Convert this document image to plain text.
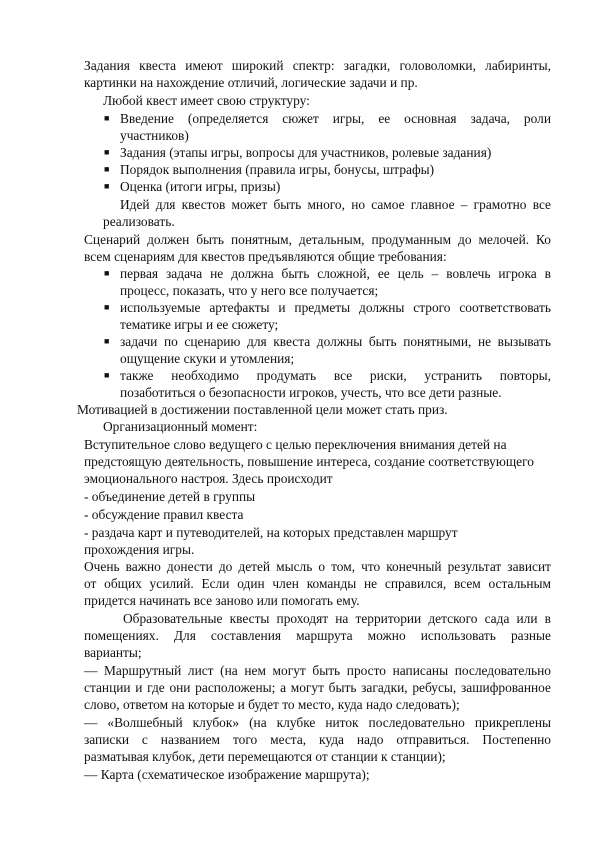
Задания квеста имеют широкий спектр: загадки, головоломки, лабиринты,
картинки на нахождение отличий, логические задачи и пр.
Любой квест имеет свою структуру:
■ Введение (определяется сюжет игры, ее основная задача, роли
участников)
■ Задания (этапы игры, вопросы для участников, ролевые задания)
■ Порядок выполнения (правила игры, бонусы, штрафы)
■ Оценка (итоги игры, призы)
Идей для квестов может быть много, но самое главное – грамотно все
реализовать.
Сценарий должен быть понятным, детальным, продуманным до мелочей. Ко
всем сценариям для квестов предъявляются общие требования:
■ первая задача не должна быть сложной, ее цель – вовлечь игрока в
процесс, показать, что у него все получается;
■ используемые артефакты и предметы должны строго соответствовать
тематике игры и ее сюжету;
■ задачи по сценарию для квеста должны быть понятными, не вызывать
ощущение скуки и утомления;
■ также необходимо продумать все риски, устранить повторы,
позаботиться о безопасности игроков, учесть, что все дети разные.
Мотивацией в достижении поставленной цели может стать приз.
Организационный момент:
Вступительное слово ведущего с целью переключения внимания детей на
предстоящую деятельность, повышение интереса, создание соответствующего
эмоционального настроя. Здесь происходит
- объединение детей в группы
- обсуждение правил квеста
- раздача карт и путеводителей, на которых представлен маршрут
прохождения игры.
Очень важно донести до детей мысль о том, что конечный результат зависит
от общих усилий. Если один член команды не справился, всем остальным
придется начинать все заново или помогать ему.
Образовательные квесты проходят на территории детского сада или в
помещениях. Для составления маршрута можно использовать разные
варианты;
— Маршрутный лист (на нем могут быть просто написаны последовательно
станции и где они расположены; а могут быть загадки, ребусы, зашифрованное
слово, ответом на которые и будет то место, куда надо следовать);
— «Волшебный клубок» (на клубке ниток последовательно прикреплены
записки с названием того места, куда надо отправиться. Постепенно
разматывая клубок, дети перемещаются от станции к станции);
— Карта (схематическое изображение маршрута);
